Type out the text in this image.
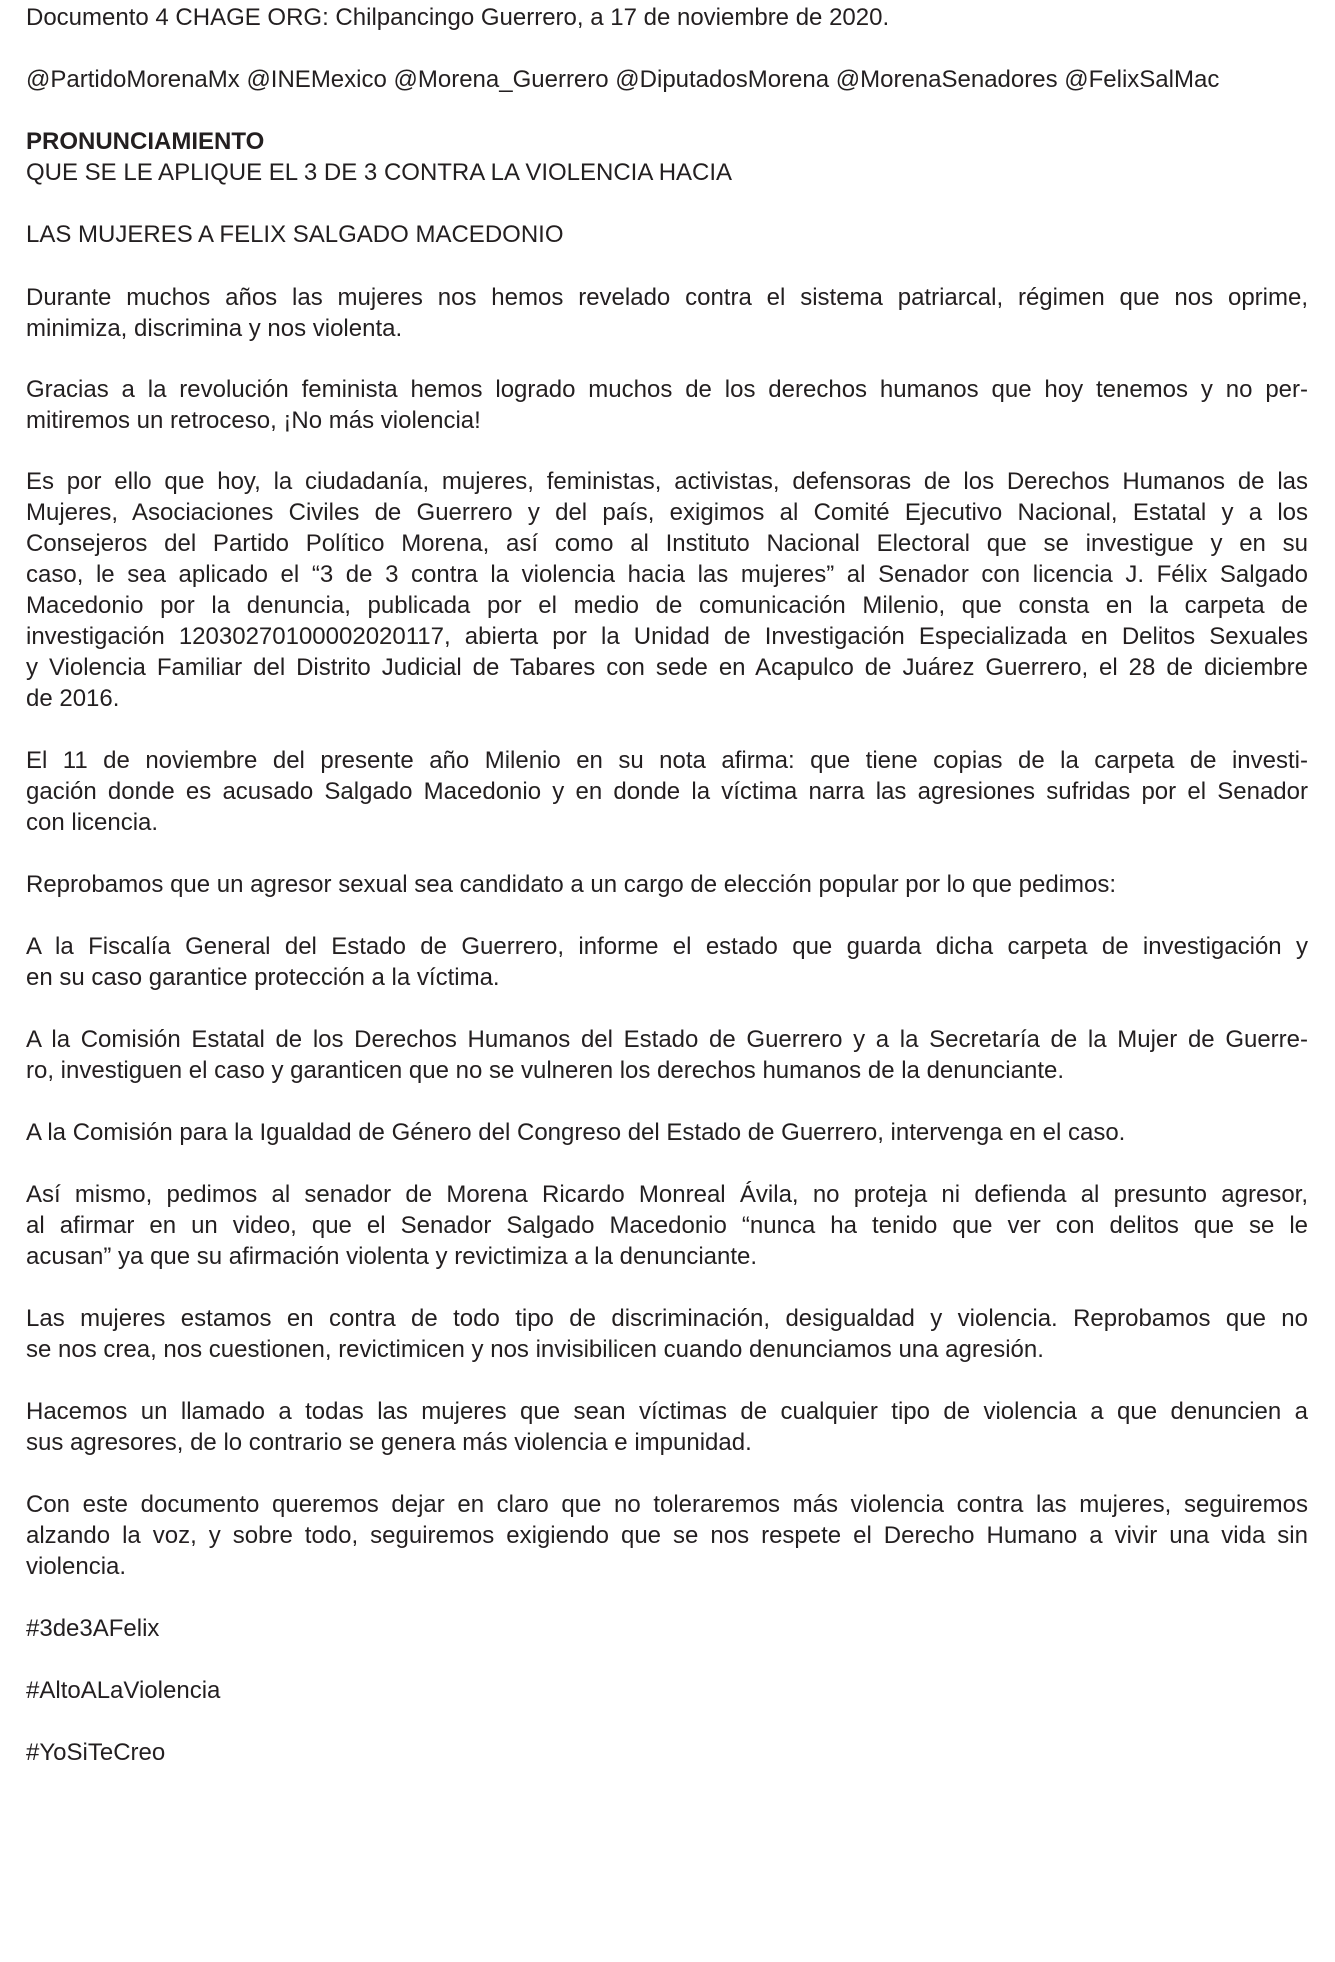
Documento 4 CHAGE ORG: Chilpancingo Guerrero, a 17 de noviembre de 2020.

@PartidoMorenaMx @INEMexico @Morena_Guerrero @DiputadosMorena @MorenaSenadores @FelixSalMac

PRONUNCIAMIENTO
QUE SE LE APLIQUE EL 3 DE 3 CONTRA LA VIOLENCIA HACIA

LAS MUJERES A FELIX SALGADO MACEDONIO

Durante muchos años las mujeres nos hemos revelado contra el sistema patriarcal, régimen que nos oprime,
minimiza, discrimina y nos violenta.
Gracias a la revolución feminista hemos logrado muchos de los derechos humanos que hoy tenemos y no per-
mitiremos un retroceso, ¡No más violencia!
Es por ello que hoy, la ciudadanía, mujeres, feministas, activistas, defensoras de los Derechos Humanos de las
Mujeres, Asociaciones Civiles de Guerrero y del país, exigimos al Comité Ejecutivo Nacional, Estatal y a los
Consejeros del Partido Político Morena, así como al Instituto Nacional Electoral que se investigue y en su
caso, le sea aplicado el “3 de 3 contra la violencia hacia las mujeres” al Senador con licencia J. Félix Salgado
Macedonio por la denuncia, publicada por el medio de comunicación Milenio, que consta en la carpeta de
investigación 12030270100002020117, abierta por la Unidad de Investigación Especializada en Delitos Sexuales
y Violencia Familiar del Distrito Judicial de Tabares con sede en Acapulco de Juárez Guerrero, el 28 de diciembre
de 2016.
El 11 de noviembre del presente año Milenio en su nota afirma: que tiene copias de la carpeta de investi-
gación donde es acusado Salgado Macedonio y en donde la víctima narra las agresiones sufridas por el Senador
con licencia.
Reprobamos que un agresor sexual sea candidato a un cargo de elección popular por lo que pedimos:
A la Fiscalía General del Estado de Guerrero, informe el estado que guarda dicha carpeta de investigación y
en su caso garantice protección a la víctima.
A la Comisión Estatal de los Derechos Humanos del Estado de Guerrero y a la Secretaría de la Mujer de Guerre-
ro, investiguen el caso y garanticen que no se vulneren los derechos humanos de la denunciante.
A la Comisión para la Igualdad de Género del Congreso del Estado de Guerrero, intervenga en el caso.
Así mismo, pedimos al senador de Morena Ricardo Monreal Ávila, no proteja ni defienda al presunto agresor,
al afirmar en un video, que el Senador Salgado Macedonio “nunca ha tenido que ver con delitos que se le
acusan” ya que su afirmación violenta y revictimiza a la denunciante.
Las mujeres estamos en contra de todo tipo de discriminación, desigualdad y violencia. Reprobamos que no
se nos crea, nos cuestionen, revictimicen y nos invisibilicen cuando denunciamos una agresión.
Hacemos un llamado a todas las mujeres que sean víctimas de cualquier tipo de violencia a que denuncien a
sus agresores, de lo contrario se genera más violencia e impunidad.
Con este documento queremos dejar en claro que no toleraremos más violencia contra las mujeres, seguiremos
alzando la voz, y sobre todo, seguiremos exigiendo que se nos respete el Derecho Humano a vivir una vida sin
violencia.

#3de3AFelix

#AltoALaViolencia

#YoSiTeCreo
